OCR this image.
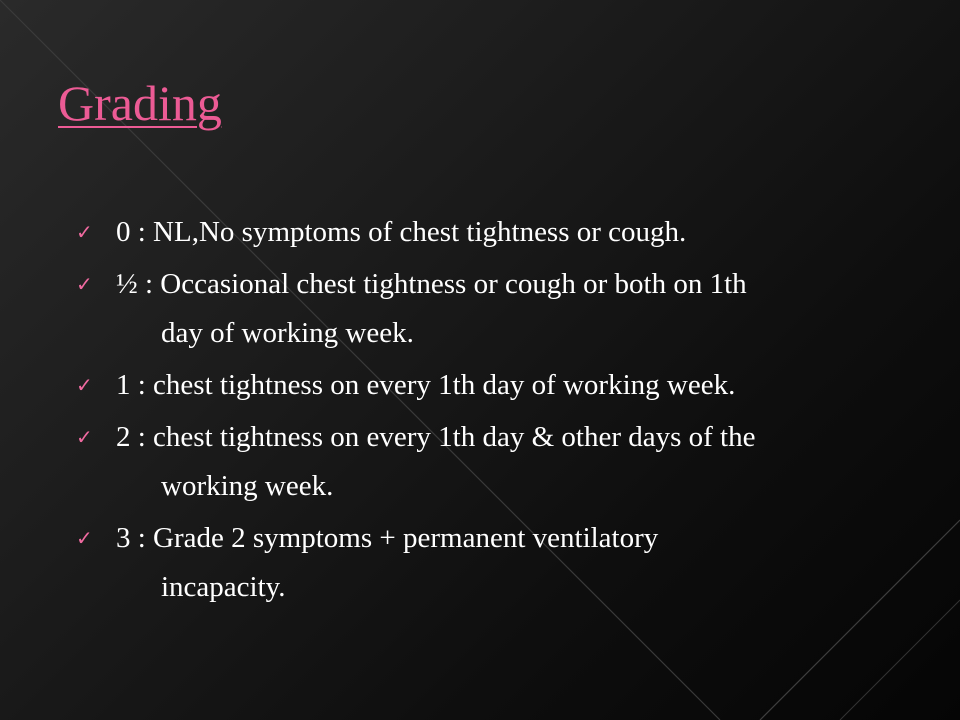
Grading
✓ 0 : NL,No symptoms of chest tightness or cough.
✓ ½ : Occasional chest tightness or cough or both on 1th
day of working week.
✓ 1 : chest tightness on every 1th day of working week.
✓ 2 : chest tightness on every 1th day & other days of the
working week.
✓ 3 : Grade 2 symptoms + permanent ventilatory
incapacity.
